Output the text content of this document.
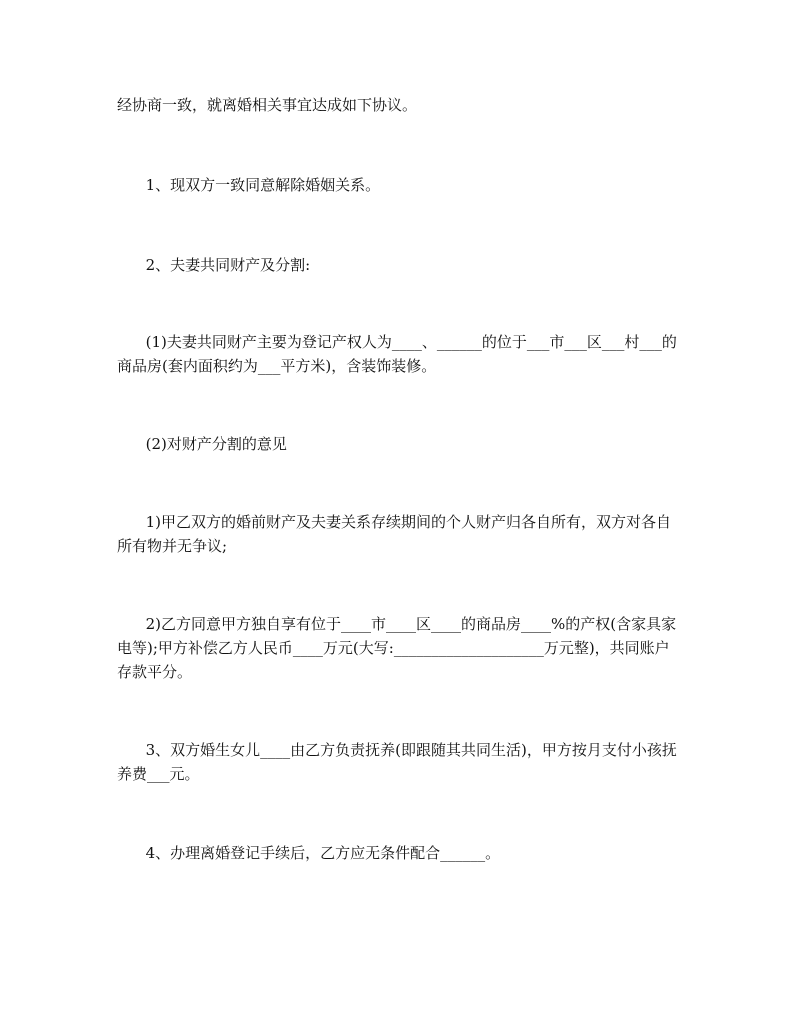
经协商一致，就离婚相关事宜达成如下协议。

1、现双方一致同意解除婚姻关系。

2、夫妻共同财产及分割:

(1)夫妻共同财产主要为登记产权人为____、______的位于___市___区___村___的商品房(套内面积约为___平方米)，含装饰装修。

(2)对财产分割的意见

1)甲乙双方的婚前财产及夫妻关系存续期间的个人财产归各自所有，双方对各自所有物并无争议;

2)乙方同意甲方独自享有位于____市____区____的商品房____%的产权(含家具家电等);甲方补偿乙方人民币____万元(大写:____________________万元整)，共同账户存款平分。

3、双方婚生女儿____由乙方负责抚养(即跟随其共同生活)，甲方按月支付小孩抚养费___元。

4、办理离婚登记手续后，乙方应无条件配合______。
